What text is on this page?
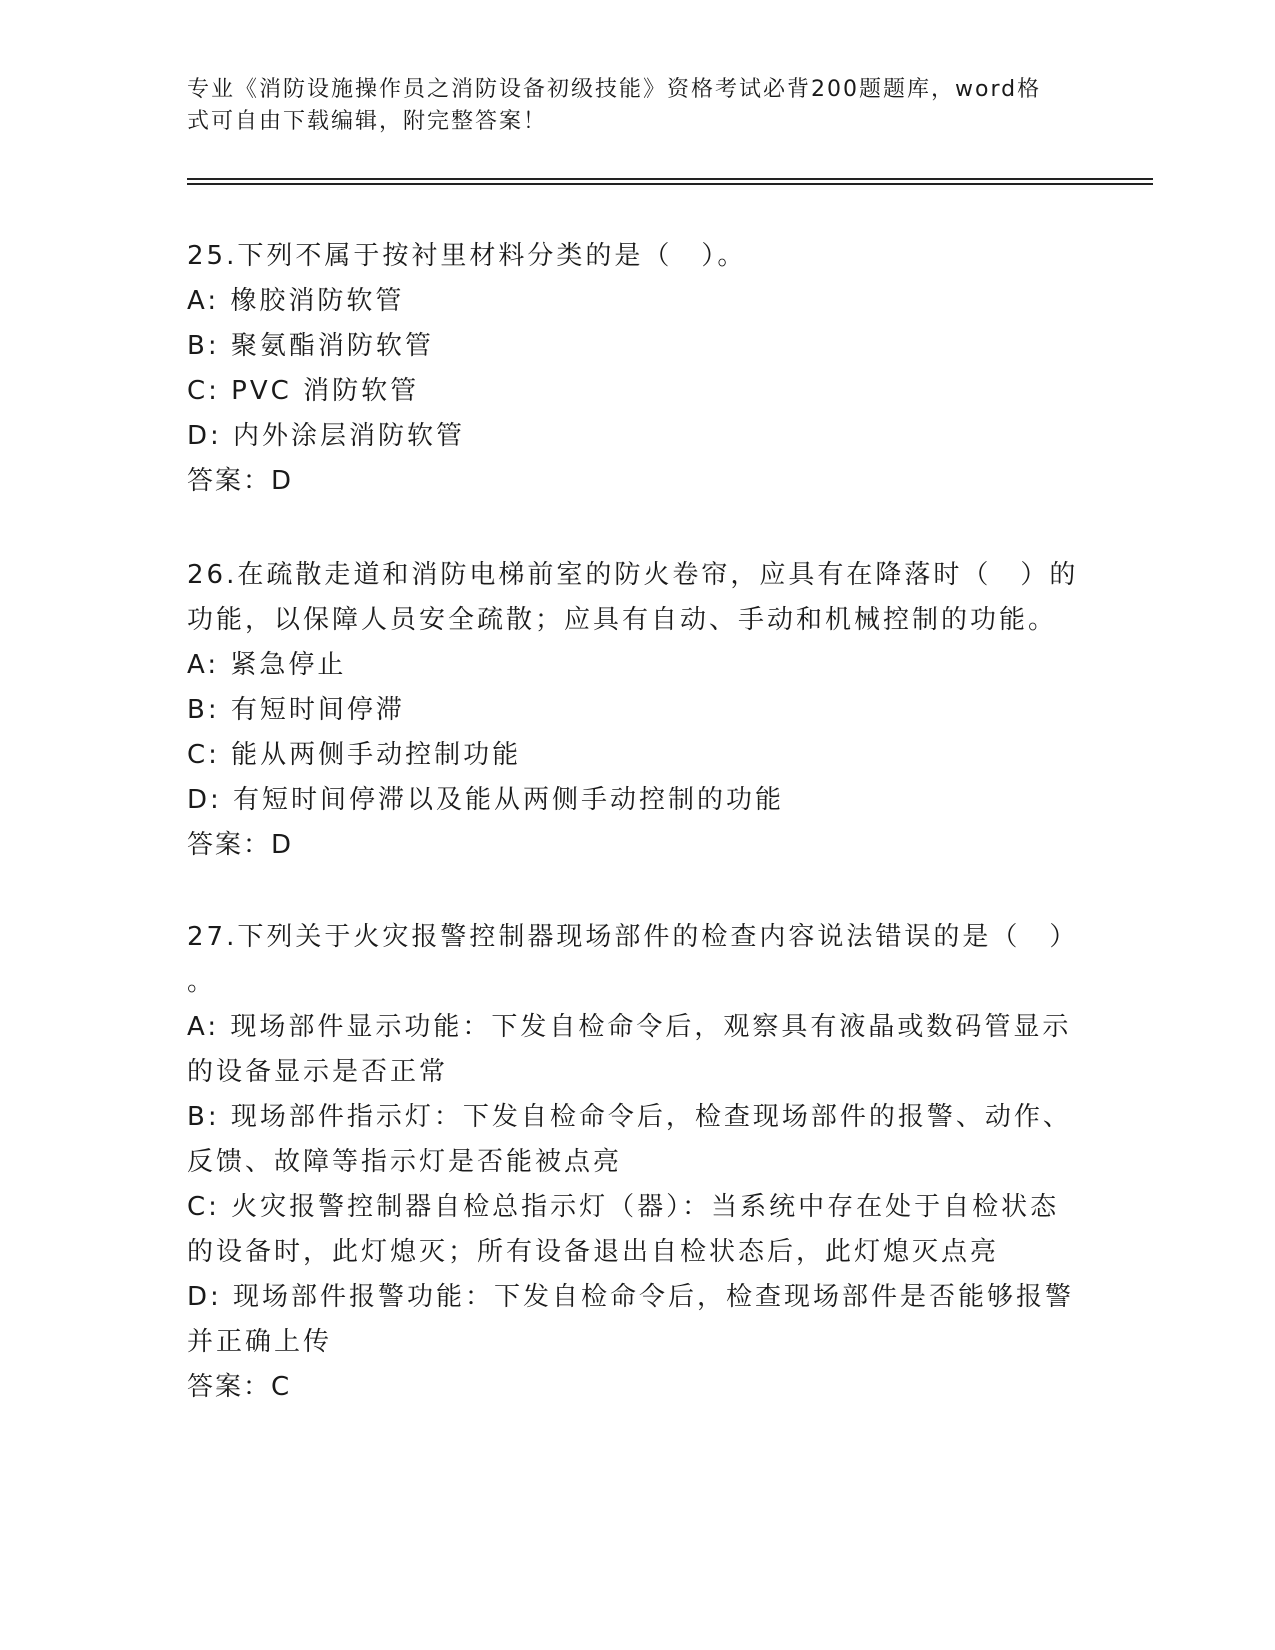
专业《消防设施操作员之消防设备初级技能》资格考试必背200题题库，word格式可自由下载编辑，附完整答案！

25.下列不属于按衬里材料分类的是（　）。

A: 橡胶消防软管

B: 聚氨酯消防软管

C: PVC 消防软管

D: 内外涂层消防软管

答案：D

26.在疏散走道和消防电梯前室的防火卷帘，应具有在降落时（　）的

功能，以保障人员安全疏散；应具有自动、手动和机械控制的功能。

A: 紧急停止

B: 有短时间停滞

C: 能从两侧手动控制功能

D: 有短时间停滞以及能从两侧手动控制的功能

答案：D

27.下列关于火灾报警控制器现场部件的检查内容说法错误的是（　）

。

A: 现场部件显示功能：下发自检命令后，观察具有液晶或数码管显示

的设备显示是否正常

B: 现场部件指示灯：下发自检命令后，检查现场部件的报警、动作、

反馈、故障等指示灯是否能被点亮

C: 火灾报警控制器自检总指示灯（器）：当系统中存在处于自检状态

的设备时，此灯熄灭；所有设备退出自检状态后，此灯熄灭点亮

D: 现场部件报警功能：下发自检命令后，检查现场部件是否能够报警

并正确上传

答案：C
